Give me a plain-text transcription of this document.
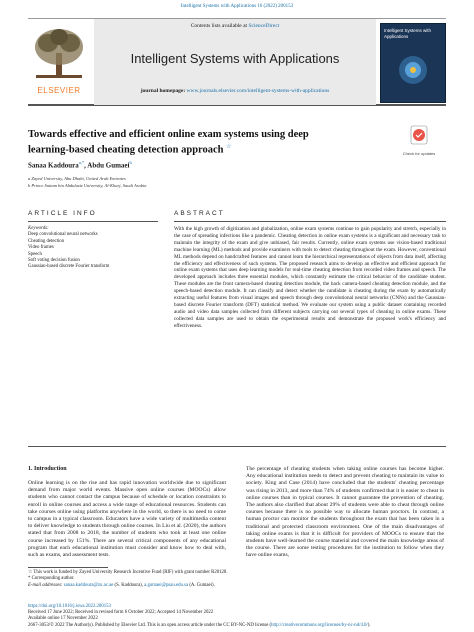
Intelligent Systems with Applications 16 (2022) 200153
ELSEVIER
Contents lists available at ScienceDirect
Intelligent Systems with Applications
journal homepage: www.journals.elsevier.com/intelligent-systems-with-applications
Intelligent Systems with Applications
Towards effective and efficient online exam systems using deep
learning-based cheating detection approach ☆
Check for updates
Sanaa Kaddoura$^{a,*}$, Abdu Gumaei$^b$
a Zayed University, Abu Dhabi, United Arab Emirates
b Prince Sattam bin Abdulaziz University, Al-Kharj, Saudi Arabia
ARTICLE INFO	ABSTRACT
Keywords:
Deep convolutional neural networks
Cheating detection
Video frames
Speech
Soft voting decision fusion
Gaussian-based discrete Fourier transform
With the high growth of digitization and globalization, online exam systems continue to gain popularity and stretch, especially in the case of spreading infections like a pandemic. Cheating detection in online exam systems is a significant and necessary task to maintain the integrity of the exam and give unbiased, fair results. Currently, online exam systems use vision-based traditional machine learning (ML) methods and provide examiners with tools to detect cheating throughout the exam. However, conventional ML methods depend on handcrafted features and cannot learn the hierarchical representations of objects from data itself, affecting the efficiency and effectiveness of such systems. The proposed research aims to develop an effective and efficient approach for online exam systems that uses deep learning models for real-time cheating detection from recorded video frames and speech. The developed approach includes three essential modules, which constantly estimate the critical behavior of the candidate student. These modules are the front camera-based cheating detection module, the back camera-based cheating detection module, and the speech-based detection module. It can classify and detect whether the candidate is cheating during the exam by automatically extracting useful features from visual images and speech through deep convolutional neural networks (CNNs) and the Gaussian-based discrete Fourier transform (DFT) statistical method. We evaluate our system using a public dataset containing recorded audio and video data samples collected from different subjects carrying out several types of cheating in online exams. These collected data samples are used to obtain the experimental results and demonstrate the proposed work's efficiency and effectiveness.
1. Introduction
Online learning is on the rise and has rapid innovation worldwide due to significant demand from major world events. Massive open online courses (MOOCs) allow students who cannot contact the campus because of schedule or location constraints to enroll in online courses and access a wide range of educational resources. Students can take courses online using platforms anywhere in the world, so there is no need to come to campus in a typical classroom. Educators have a wide variety of multimedia content to deliver knowledge to students through online courses. In Liu et al. (2020), the authors stated that from 2008 to 2018, the number of students who took at least one online course increased by 151%. There are several critical components of any educational program that each educational institution must consider and know how to deal with, such as exams, and assessment tests.
The percentage of cheating students when taking online courses has become higher. Any educational institution needs to detect and prevent cheating to maintain its value to society. King and Case (2014) have concluded that the students' cheating percentage was rising in 2013, and more than 74% of students confirmed that it is easier to cheat in online courses than in typical courses. It cannot guarantee the prevention of cheating. The authors also clarified that about 29% of students were able to cheat through online courses because there is no possible way to allocate human proctors. In contrast, a human proctor can monitor the students throughout the exam that has been taken in a traditional and protected classroom environment. One of the main disadvantages of taking online exams is that it is difficult for providers of MOOCs to ensure that the students have well-learned the course material and covered the main knowledge areas of the course. There are some testing procedures for the institution to follow when they have online exams,
☆ This work is funded by Zayed University Research Incentive Fund (RIF) with grant number R20128.
* Corresponding author.
E-mail addresses: sanaa.kaddoura@zu.ac.ae (S. Kaddoura), a.gumaei@psau.edu.sa (A. Gumaei).
https://doi.org/10.1016/j.iswa.2022.200153
Received 17 June 2022; Received in revised form 6 October 2022; Accepted 14 November 2022
Available online 17 November 2022
2667-3053/© 2022 The Author(s). Published by Elsevier Ltd. This is an open access article under the CC BY-NC-ND license (http://creativecommons.org/licenses/by-nc-nd/4.0/).
